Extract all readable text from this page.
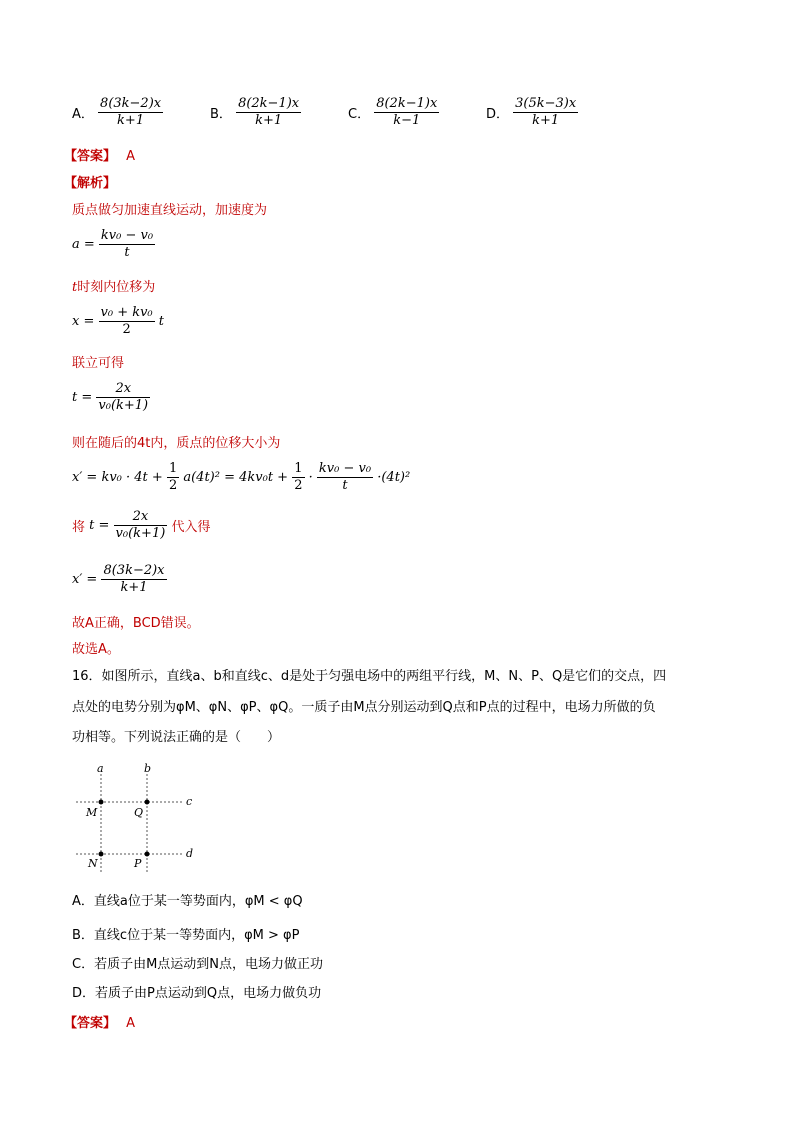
A． $\frac{8(3k-2)x}{k+1}$	B． $\frac{8(2k-1)x}{k+1}$	C． $\frac{8(2k-1)x}{k-1}$	D． $\frac{3(5k-3)x}{k+1}$
【答案】 A
【解析】
质点做匀加速直线运动，加速度为
$a = \frac{\text{kv₀ − v₀}}{t}$
t时刻内位移为
$x = \frac{\text{v₀ + kv₀}}{2}$ t
联立可得
$t = \frac{2x}{\text{v₀(k+1)}}$
则在随后的4t内，质点的位移大小为
$x' = kv_0 \cdot 4t + \frac{1}{2} a(4t)^2 = 4kv_0t + \frac{1}{2} \cdot \frac{\text{kv₀ − v₀}}{t} \cdot(4t)^2$
将 $t = \frac{2x}{\text{v₀(k+1)}}$ 代入得
$x' = \frac{8(3k-2)x}{k+1}$
故A正确，BCD错误。
故选A。
16．如图所示，直线a、b和直线c、d是处于匀强电场中的两组平行线，M、N、P、Q是它们的交点，四
点处的电势分别为φM、φN、φP、φQ。一质子由M点分别运动到Q点和P点的过程中，电场力所做的负
功相等。下列说法正确的是（　　）
a	b
c
d
M	Q
N	P
A．直线a位于某一等势面内，φM < φQ
B．直线c位于某一等势面内，φM > φP
C．若质子由M点运动到N点，电场力做正功
D．若质子由P点运动到Q点，电场力做负功
【答案】 A
